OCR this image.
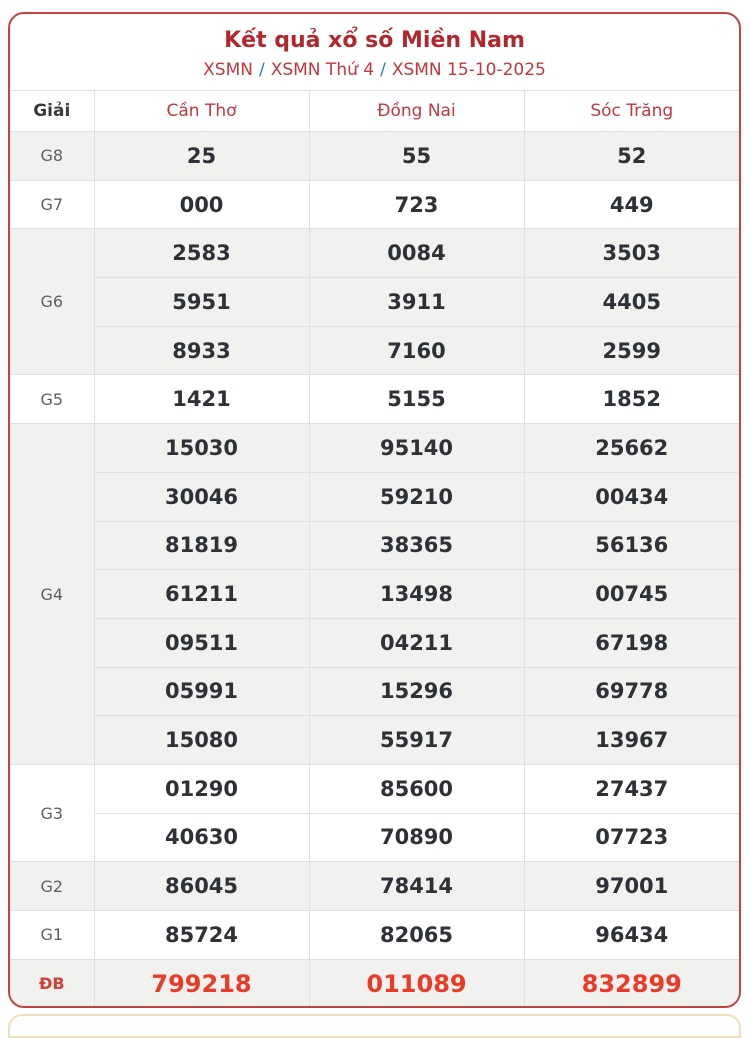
Kết quả xổ số Miền Nam
XSMN / XSMN Thứ 4 / XSMN 15-10-2025
Giải	Cần Thơ	Đồng Nai	Sóc Trăng
G8	25	55	52
G7	000	723	449
G6	2583	0084	3503
	5951	3911	4405
	8933	7160	2599
G5	1421	5155	1852
G4	15030	95140	25662
	30046	59210	00434
	81819	38365	56136
	61211	13498	00745
	09511	04211	67198
	05991	15296	69778
	15080	55917	13967
G3	01290	85600	27437
	40630	70890	07723
G2	86045	78414	97001
G1	85724	82065	96434
ĐB	799218	011089	832899
